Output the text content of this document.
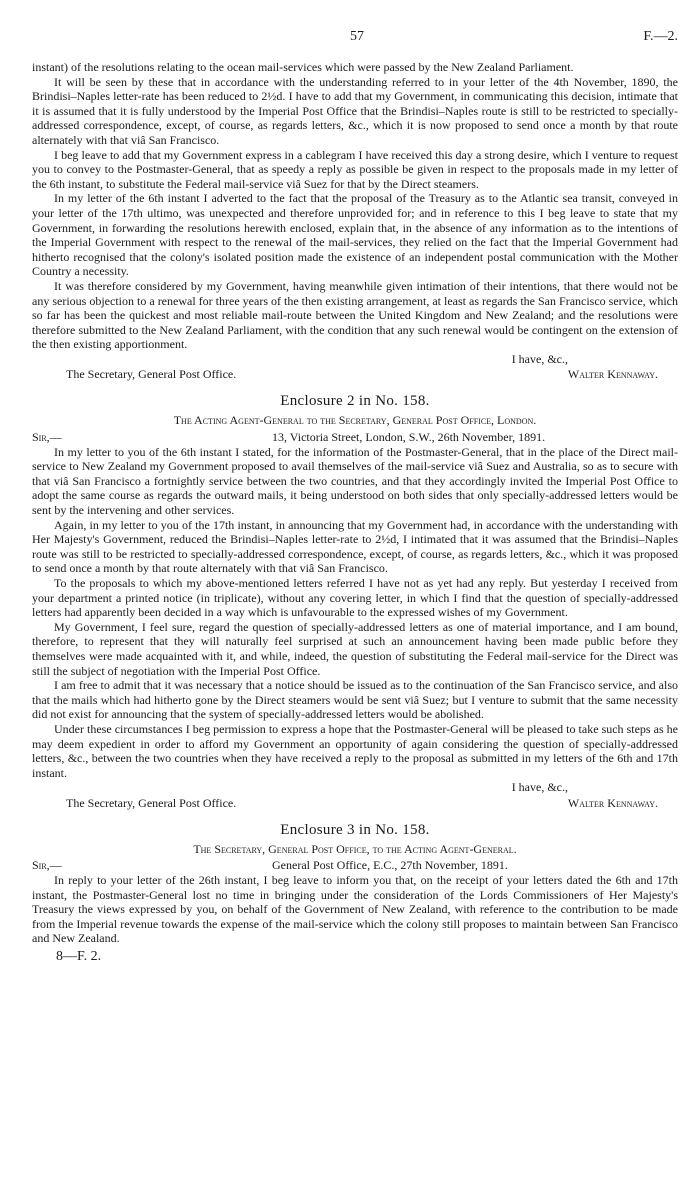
57	F.—2.

instant) of the resolutions relating to the ocean mail-services which were passed by the New Zealand Parliament.

It will be seen by these that in accordance with the understanding referred to in your letter of the 4th November, 1890, the Brindisi–Naples letter-rate has been reduced to 2½d. I have to add that my Government, in communicating this decision, intimate that it is assumed that it is fully understood by the Imperial Post Office that the Brindisi–Naples route is still to be restricted to specially-addressed correspondence, except, of course, as regards letters, &c., which it is now proposed to send once a month by that route alternately with that viâ San Francisco.

I beg leave to add that my Government express in a cablegram I have received this day a strong desire, which I venture to request you to convey to the Postmaster-General, that as speedy a reply as possible be given in respect to the proposals made in my letter of the 6th instant, to substitute the Federal mail-service viâ Suez for that by the Direct steamers.

In my letter of the 6th instant I adverted to the fact that the proposal of the Treasury as to the Atlantic sea transit, conveyed in your letter of the 17th ultimo, was unexpected and therefore unprovided for; and in reference to this I beg leave to state that my Government, in forwarding the resolutions herewith enclosed, explain that, in the absence of any information as to the intentions of the Imperial Government with respect to the renewal of the mail-services, they relied on the fact that the Imperial Government had hitherto recognised that the colony's isolated position made the existence of an independent postal communication with the Mother Country a necessity.

It was therefore considered by my Government, having meanwhile given intimation of their intentions, that there would not be any serious objection to a renewal for three years of the then existing arrangement, at least as regards the San Francisco service, which so far has been the quickest and most reliable mail-route between the United Kingdom and New Zealand; and the resolutions were therefore submitted to the New Zealand Parliament, with the condition that any such renewal would be contingent on the extension of the then existing apportionment.

I have, &c.,
The Secretary, General Post Office.	Walter Kennaway.
Enclosure 2 in No. 158.
The Acting Agent-General to the Secretary, General Post Office, London.
Sir,—	13, Victoria Street, London, S.W., 26th November, 1891.

In my letter to you of the 6th instant I stated, for the information of the Postmaster-General, that in the place of the Direct mail-service to New Zealand my Government proposed to avail themselves of the mail-service viâ Suez and Australia, so as to secure with that viâ San Francisco a fortnightly service between the two countries, and that they accordingly invited the Imperial Post Office to adopt the same course as regards the outward mails, it being understood on both sides that only specially-addressed letters would be sent by the intervening and other services.

Again, in my letter to you of the 17th instant, in announcing that my Government had, in accordance with the understanding with Her Majesty's Government, reduced the Brindisi–Naples letter-rate to 2½d, I intimated that it was assumed that the Brindisi–Naples route was still to be restricted to specially-addressed correspondence, except, of course, as regards letters, &c., which it was proposed to send once a month by that route alternately with that viâ San Francisco.

To the proposals to which my above-mentioned letters referred I have not as yet had any reply. But yesterday I received from your department a printed notice (in triplicate), without any covering letter, in which I find that the question of specially-addressed letters had apparently been decided in a way which is unfavourable to the expressed wishes of my Government.

My Government, I feel sure, regard the question of specially-addressed letters as one of material importance, and I am bound, therefore, to represent that they will naturally feel surprised at such an announcement having been made public before they themselves were made acquainted with it, and while, indeed, the question of substituting the Federal mail-service for the Direct was still the subject of negotiation with the Imperial Post Office.

I am free to admit that it was necessary that a notice should be issued as to the continuation of the San Francisco service, and also that the mails which had hitherto gone by the Direct steamers would be sent viâ Suez; but I venture to submit that the same necessity did not exist for announcing that the system of specially-addressed letters would be abolished.

Under these circumstances I beg permission to express a hope that the Postmaster-General will be pleased to take such steps as he may deem expedient in order to afford my Government an opportunity of again considering the question of specially-addressed letters, &c., between the two countries when they have received a reply to the proposal as submitted in my letters of the 6th and 17th instant.

I have, &c.,
The Secretary, General Post Office.	Walter Kennaway.
Enclosure 3 in No. 158.
The Secretary, General Post Office, to the Acting Agent-General.
Sir,—	General Post Office, E.C., 27th November, 1891.

In reply to your letter of the 26th instant, I beg leave to inform you that, on the receipt of your letters dated the 6th and 17th instant, the Postmaster-General lost no time in bringing under the consideration of the Lords Commissioners of Her Majesty's Treasury the views expressed by you, on behalf of the Government of New Zealand, with reference to the contribution to be made from the Imperial revenue towards the expense of the mail-service which the colony still proposes to maintain between San Francisco and New Zealand.

8—F. 2.
